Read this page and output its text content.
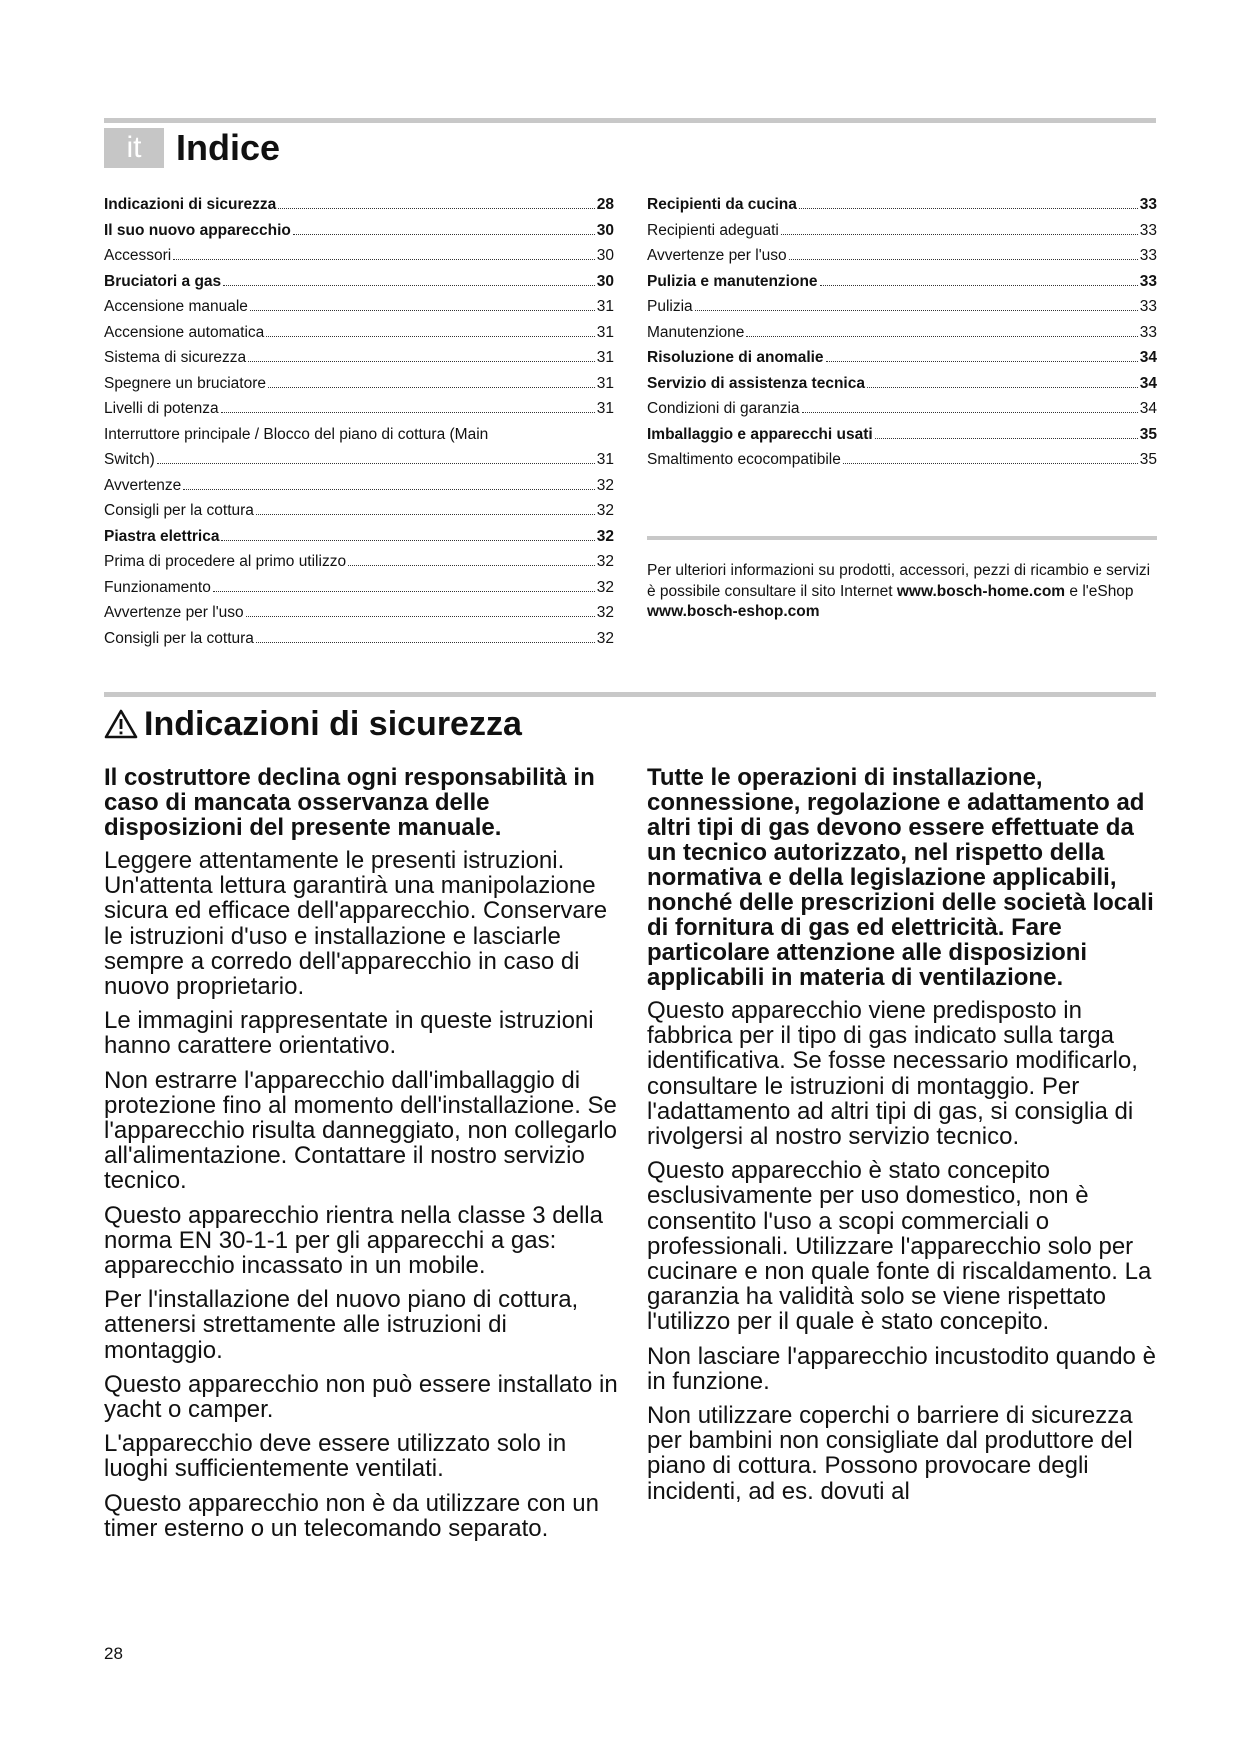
it Indice
Indicazioni di sicurezza	28
Il suo nuovo apparecchio	30
Accessori	30
Bruciatori a gas	30
Accensione manuale	31
Accensione automatica	31
Sistema di sicurezza	31
Spegnere un bruciatore	31
Livelli di potenza	31
Interruttore principale / Blocco del piano di cottura (Main
Switch)	31
Avvertenze	32
Consigli per la cottura	32
Piastra elettrica	32
Prima di procedere al primo utilizzo	32
Funzionamento	32
Avvertenze per l'uso	32
Consigli per la cottura	32
Recipienti da cucina	33
Recipienti adeguati	33
Avvertenze per l'uso	33
Pulizia e manutenzione	33
Pulizia	33
Manutenzione	33
Risoluzione di anomalie	34
Servizio di assistenza tecnica	34
Condizioni di garanzia	34
Imballaggio e apparecchi usati	35
Smaltimento ecocompatibile	35
Per ulteriori informazioni su prodotti, accessori, pezzi di ricambio e servizi è possibile consultare il sito Internet www.bosch-home.com e l'eShop www.bosch-eshop.com
Indicazioni di sicurezza

Il costruttore declina ogni responsabilità in caso di mancata osservanza delle disposizioni del presente manuale.

Leggere attentamente le presenti istruzioni. Un'attenta lettura garantirà una manipolazione sicura ed efficace dell'apparecchio. Conservare le istruzioni d'uso e installazione e lasciarle sempre a corredo dell'apparecchio in caso di nuovo proprietario.

Le immagini rappresentate in queste istruzioni hanno carattere orientativo.

Non estrarre l'apparecchio dall'imballaggio di protezione fino al momento dell'installazione. Se l'apparecchio risulta danneggiato, non collegarlo all'alimentazione. Contattare il nostro servizio tecnico.

Questo apparecchio rientra nella classe 3 della norma EN 30-1-1 per gli apparecchi a gas: apparecchio incassato in un mobile.

Per l'installazione del nuovo piano di cottura, attenersi strettamente alle istruzioni di montaggio.

Questo apparecchio non può essere installato in yacht o camper.

L'apparecchio deve essere utilizzato solo in luoghi sufficientemente ventilati.

Questo apparecchio non è da utilizzare con un timer esterno o un telecomando separato.

Tutte le operazioni di installazione, connessione, regolazione e adattamento ad altri tipi di gas devono essere effettuate da un tecnico autorizzato, nel rispetto della normativa e della legislazione applicabili, nonché delle prescrizioni delle società locali di fornitura di gas ed elettricità. Fare particolare attenzione alle disposizioni applicabili in materia di ventilazione.

Questo apparecchio viene predisposto in fabbrica per il tipo di gas indicato sulla targa identificativa. Se fosse necessario modificarlo, consultare le istruzioni di montaggio. Per l'adattamento ad altri tipi di gas, si consiglia di rivolgersi al nostro servizio tecnico.

Questo apparecchio è stato concepito esclusivamente per uso domestico, non è consentito l'uso a scopi commerciali o professionali. Utilizzare l'apparecchio solo per cucinare e non quale fonte di riscaldamento. La garanzia ha validità solo se viene rispettato l'utilizzo per il quale è stato concepito.

Non lasciare l'apparecchio incustodito quando è in funzione.

Non utilizzare coperchi o barriere di sicurezza per bambini non consigliate dal produttore del piano di cottura. Possono provocare degli incidenti, ad es. dovuti al

28
